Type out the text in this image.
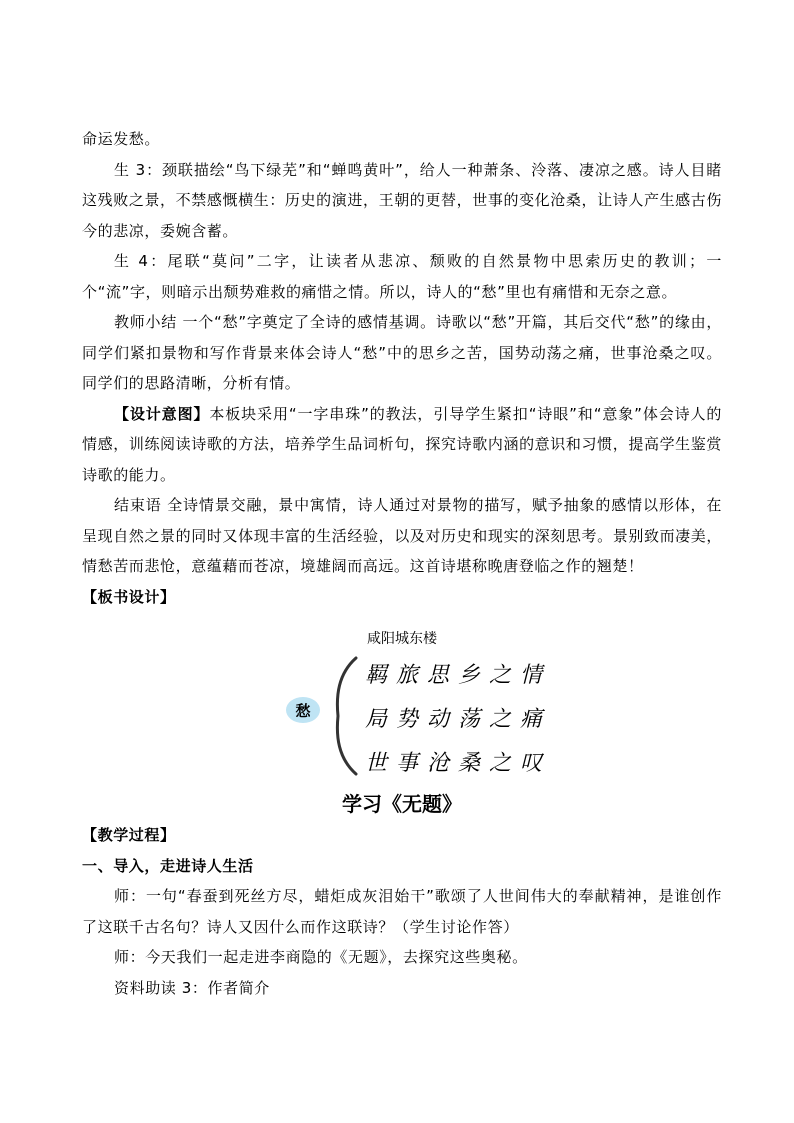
命运发愁。

生 3：颈联描绘“鸟下绿芜”和“蝉鸣黄叶”，给人一种萧条、泠落、凄凉之感。诗人目睹这残败之景，不禁感慨横生：历史的演进，王朝的更替，世事的变化沧桑，让诗人产生感古伤今的悲凉，委婉含蓄。

生 4：尾联“莫问”二字，让读者从悲凉、颓败的自然景物中思索历史的教训；一个“流”字，则暗示出颓势难救的痛惜之情。所以，诗人的“愁”里也有痛惜和无奈之意。

教师小结 一个“愁”字奠定了全诗的感情基调。诗歌以“愁”开篇，其后交代“愁”的缘由，同学们紧扣景物和写作背景来体会诗人“愁”中的思乡之苦，国势动荡之痛，世事沧桑之叹。同学们的思路清晰，分析有情。

【设计意图】本板块采用“一字串珠”的教法，引导学生紧扣“诗眼”和“意象”体会诗人的情感，训练阅读诗歌的方法，培养学生品词析句，探究诗歌内涵的意识和习惯，提高学生鉴赏诗歌的能力。

结束语 全诗情景交融，景中寓情，诗人通过对景物的描写，赋予抽象的感情以形体，在呈现自然之景的同时又体现丰富的生活经验，以及对历史和现实的深刻思考。景别致而凄美，情愁苦而悲怆，意蕴藉而苍凉，境雄阔而高远。这首诗堪称晚唐登临之作的翘楚！

【板书设计】

咸阳城东楼
愁
羁旅思乡之情
局势动荡之痛
世事沧桑之叹
学习《无题》

【教学过程】

一、导入，走进诗人生活

师：一句“春蚕到死丝方尽，蜡炬成灰泪始干”歌颂了人世间伟大的奉献精神，是谁创作了这联千古名句？诗人又因什么而作这联诗？（学生讨论作答）

师：今天我们一起走进李商隐的《无题》，去探究这些奥秘。

资料助读 3：作者简介
